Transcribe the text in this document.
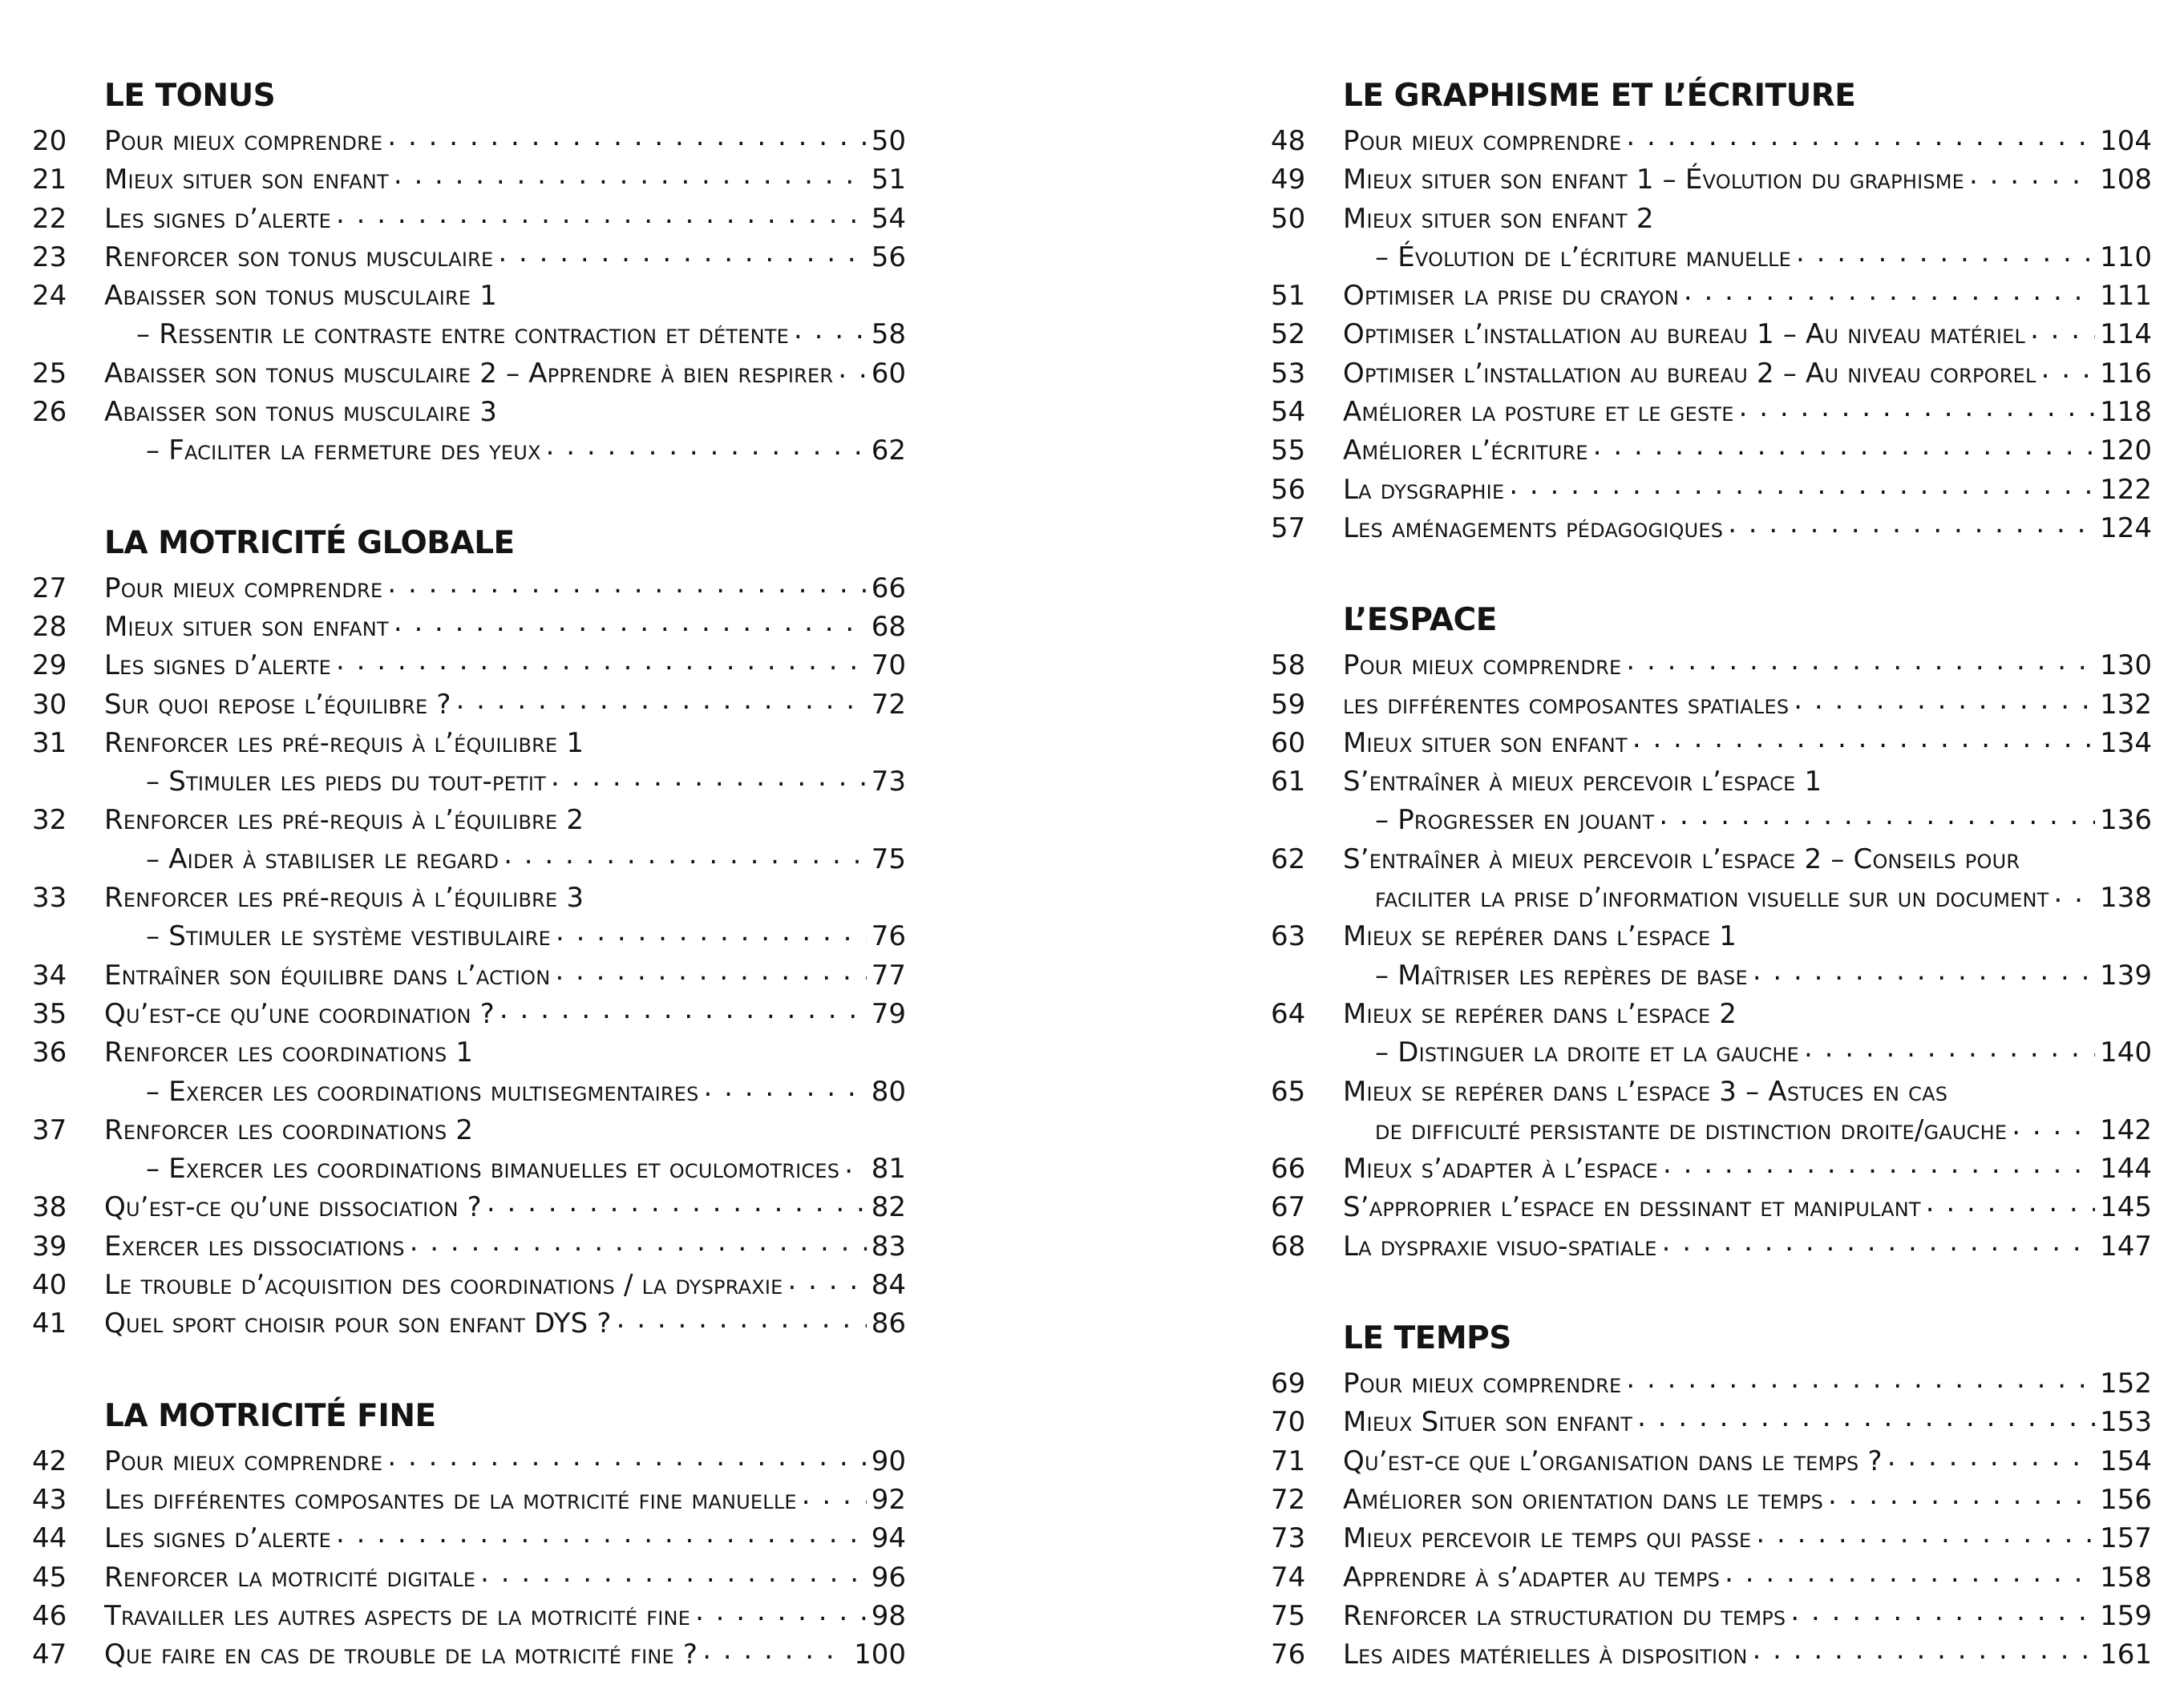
LE TONUS
20	Pour mieux comprendre . . .	50
21	Mieux situer son enfant . . .	51
22	Les signes d’alerte . . .	54
23	Renforcer son tonus musculaire . . .	56
24	Abaisser son tonus musculaire 1
– Ressentir le contraste entre contraction et détente . . .	58
25	Abaisser son tonus musculaire 2 – Apprendre à bien respirer . . . 60
26	Abaisser son tonus musculaire 3
– Faciliter la fermeture des yeux . . .	62
LA MOTRICITÉ GLOBALE
27	Pour mieux comprendre . . .	66
28	Mieux situer son enfant . . .	68
29	Les signes d’alerte . . .	70
30	Sur quoi repose l’équilibre ? . . .	72
31	Renforcer les pré-requis à l’équilibre 1
– Stimuler les pieds du tout-petit . . .	73
32	Renforcer les pré-requis à l’équilibre 2
– Aider à stabiliser le regard . . .	75
33	Renforcer les pré-requis à l’équilibre 3
– Stimuler le système vestibulaire . . .	76
34	Entraîner son équilibre dans l’action . . .	77
35	Qu’est-ce qu’une coordination ? . . .	79
36	Renforcer les coordinations 1
– Exercer les coordinations multisegmentaires . . .	80
37	Renforcer les coordinations 2
– Exercer les coordinations bimanuelles et oculomotrices . . . 81
38	Qu’est-ce qu’une dissociation ? . . .	82
39	Exercer les dissociations . . .	83
40	Le trouble d’acquisition des coordinations / la dyspraxie . . .	84
41	Quel sport choisir pour son enfant DYS ? . . .	86
LA MOTRICITÉ FINE
42	Pour mieux comprendre . . .	90
43	Les différentes composantes de la motricité fine manuelle . . .	92
44	Les signes d’alerte . . .	94
45	Renforcer la motricité digitale . . .	96
46	Travailler les autres aspects de la motricité fine . . .	98
47	Que faire en cas de trouble de la motricité fine ? . . .	100
LE GRAPHISME ET L’ÉCRITURE
48	Pour mieux comprendre . . .	104
49	Mieux situer son enfant 1 – Évolution du graphisme . . .	108
50	Mieux situer son enfant 2
– Évolution de l’écriture manuelle . . .	110
51	Optimiser la prise du crayon . . .	111
52	Optimiser l’installation au bureau 1 – Au niveau matériel . . .	114
53	Optimiser l’installation au bureau 2 – Au niveau corporel . . . 116
54	Améliorer la posture et le geste . . .	118
55	Améliorer l’écriture . . .	120
56	La dysgraphie . . .	122
57	Les aménagements pédagogiques . . .	124
L’ESPACE
58	Pour mieux comprendre . . .	130
59	les différentes composantes spatiales . . .	132
60	Mieux situer son enfant . . .	134
61	S’entraîner à mieux percevoir l’espace 1
– Progresser en jouant . . .	136
62	S’entraîner à mieux percevoir l’espace 2 – Conseils pour
faciliter la prise d’information visuelle sur un document . . . 138
63	Mieux se repérer dans l’espace 1
– Maîtriser les repères de base . . .	139
64	Mieux se repérer dans l’espace 2
– Distinguer la droite et la gauche . . .	140
65	Mieux se repérer dans l’espace 3 – Astuces en cas
de difficulté persistante de distinction droite/gauche . . .	142
66	Mieux s’adapter à l’espace . . .	144
67	S’approprier l’espace en dessinant et manipulant . . .	145
68	La dyspraxie visuo-spatiale . . .	147
LE TEMPS
69	Pour mieux comprendre . . .	152
70	Mieux Situer son enfant . . .	153
71	Qu’est-ce que l’organisation dans le temps ? . . .	154
72	Améliorer son orientation dans le temps . . .	156
73	Mieux percevoir le temps qui passe . . .	157
74	Apprendre à s’adapter au temps . . .	158
75	Renforcer la structuration du temps . . .	159
76	Les aides matérielles à disposition . . .	161
